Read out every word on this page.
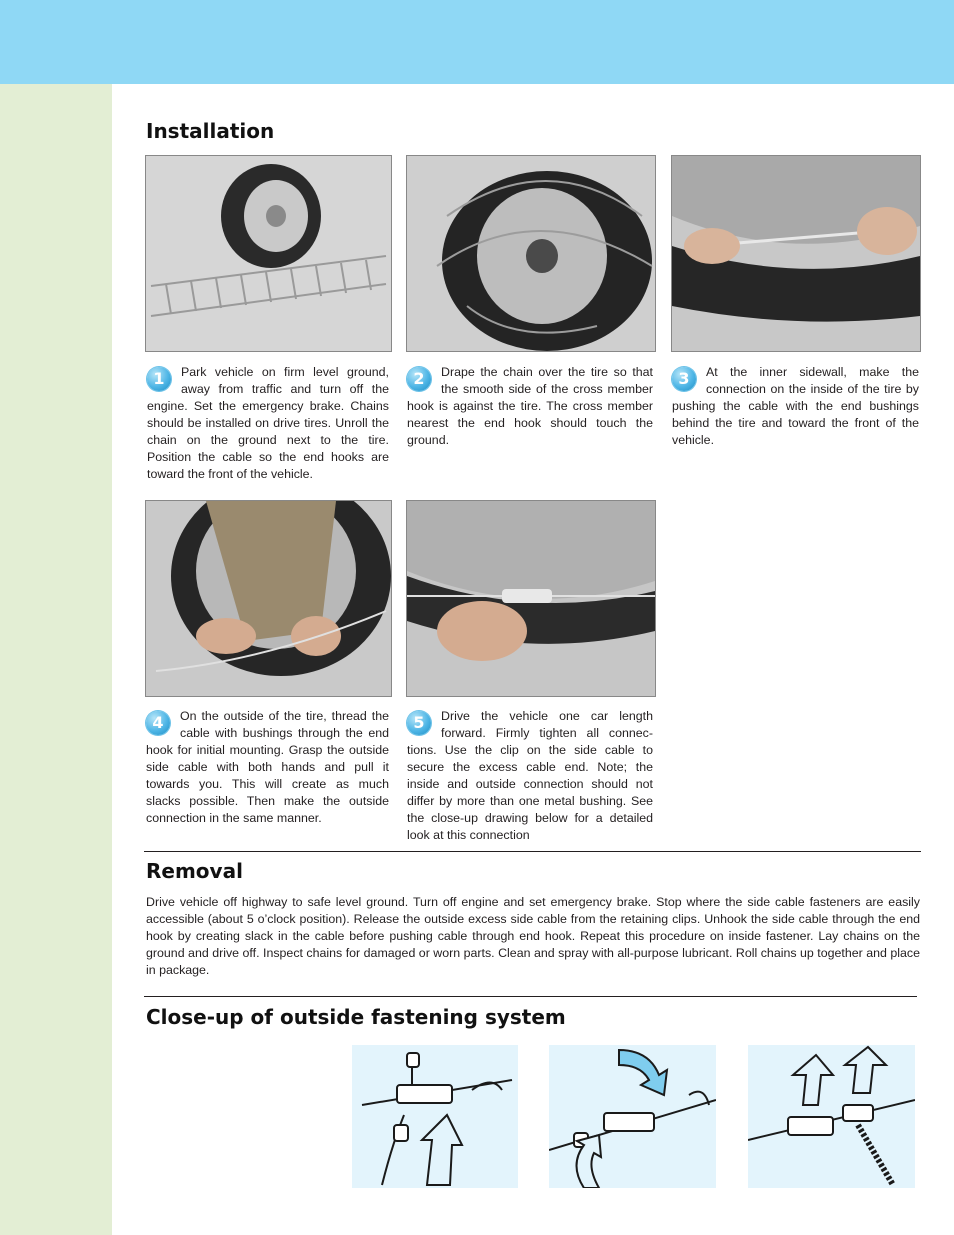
Installation
1	Park vehicle on firm level ground, away from traffic and turn off the engine. Set the emergency brake. Chains should be installed on drive tires. Unroll the chain on the ground next to the tire. Position the cable so the end hooks are toward the front of the vehicle.
2	Drape the chain over the tire so that the smooth side of the cross member hook is against the tire. The cross member nearest the end hook should touch the ground.
3	At the inner sidewall, make the connection on the inside of the tire by pushing the cable with the end bushings behind the tire and toward the front of the vehicle.
4	On the outside of the tire, thread the cable with bushings through the end hook for initial mounting. Grasp the outside side cable with both hands and pull it towards you. This will create as much slacks possible. Then make the outside connection in the same manner.
5	Drive the vehicle one car length forward. Firmly tighten all connec-tions. Use the clip on the side cable to secure the excess cable end. Note; the inside and outside connection should not differ by more than one metal bushing. See the close-up drawing below for a detailed look at this connection
Removal

Drive vehicle off highway to safe level ground. Turn off engine and set emergency brake. Stop where the side cable fasteners are easily accessible (about 5 o’clock position). Release the outside excess side cable from the retaining clips. Unhook the side cable through the end hook by creating slack in the cable before pushing cable through end hook. Repeat this procedure on inside fastener. Lay chains on the ground and drive off. Inspect chains for damaged or worn parts. Clean and spray with all-purpose lubricant. Roll chains up together and place in package.

Close-up of outside fastening system
